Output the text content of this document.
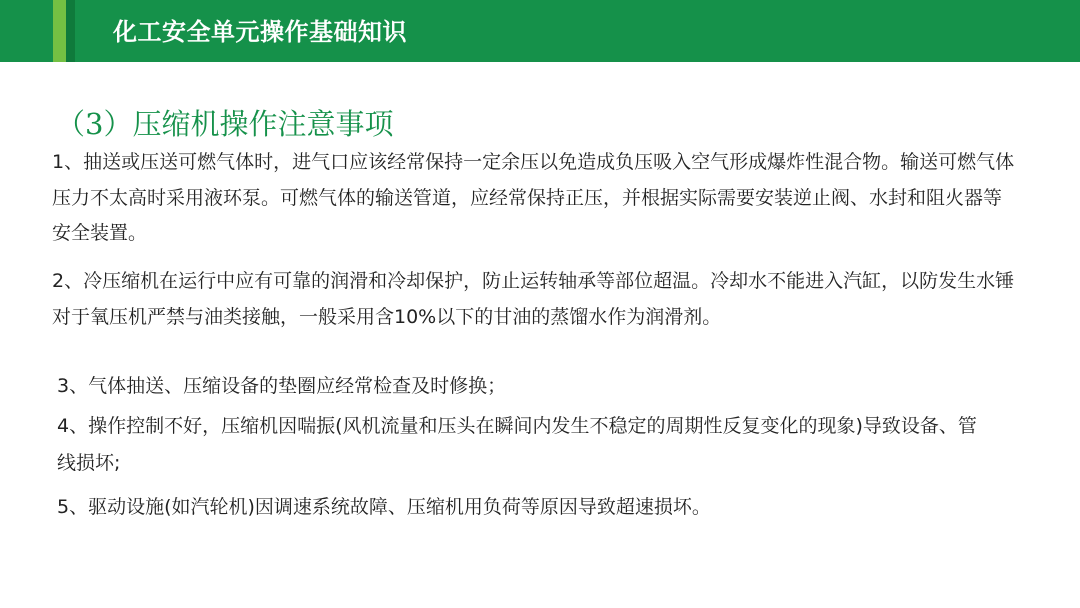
化工安全单元操作基础知识
（3）压缩机操作注意事项

1、抽送或压送可燃气体时，进气口应该经常保持一定余压以免造成负压吸入空气形成爆炸性混合物。输送可燃气体压力不太高时采用液环泵。可燃气体的输送管道，应经常保持正压，并根据实际需要安装逆止阀、水封和阻火器等安全装置。

2、冷压缩机在运行中应有可靠的润滑和冷却保护，防止运转轴承等部位超温。冷却水不能进入汽缸，以防发生水锤对于氧压机严禁与油类接触，一般采用含10%以下的甘油的蒸馏水作为润滑剂。

3、气体抽送、压缩设备的垫圈应经常检查及时修换；

4、操作控制不好，压缩机因喘振(风机流量和压头在瞬间内发生不稳定的周期性反复变化的现象)导致设备、管线损坏;

5、驱动设施(如汽轮机)因调速系统故障、压缩机用负荷等原因导致超速损坏。
